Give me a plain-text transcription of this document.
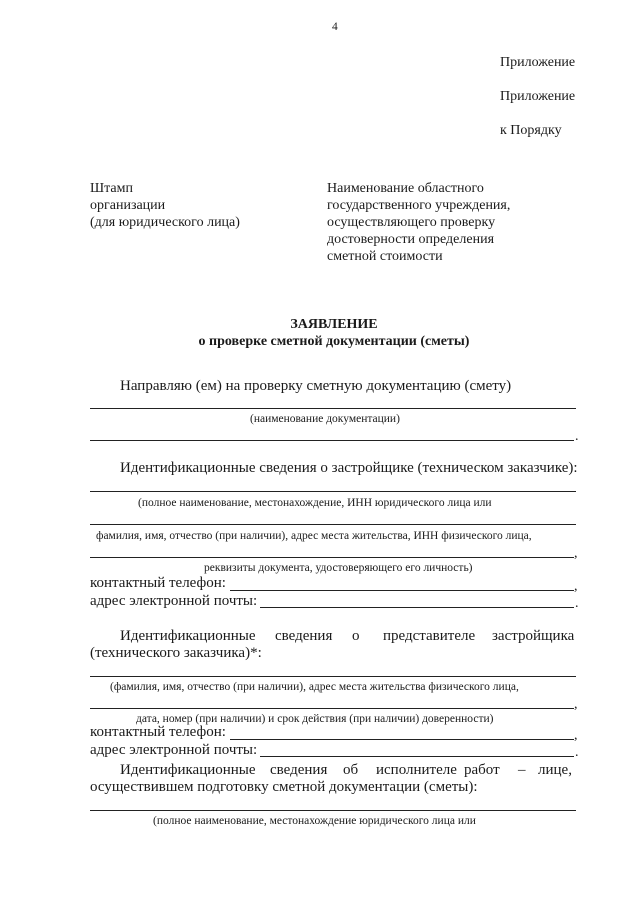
4
Приложение
Приложение
к Порядку
Штамп
организации
(для юридического лица)
Наименование областного
государственного учреждения,
осуществляющего проверку
достоверности определения
сметной стоимости
ЗАЯВЛЕНИЕ
о проверке сметной документации (сметы)
Направляю (ем) на проверку сметную документацию (смету)
(наименование документации)
.
Идентификационные сведения о застройщике (техническом заказчике):
(полное наименование, местонахождение, ИНН юридического лица или
фамилия, имя, отчество (при наличии), адрес места жительства, ИНН физического лица,
,
реквизиты документа, удостоверяющего его личность)
контактный телефон:	,
адрес электронной почты:	.
Идентификационные сведения о представителе застройщика
(технического заказчика)*:
(фамилия, имя, отчество (при наличии), адрес места жительства физического лица,
,
дата, номер (при наличии) и срок действия (при наличии) доверенности)
контактный телефон:	,
адрес электронной почты:	.
Идентификационные сведения об исполнителе работ – лице,
осуществившем подготовку сметной документации (сметы):
(полное наименование, местонахождение юридического лица или
